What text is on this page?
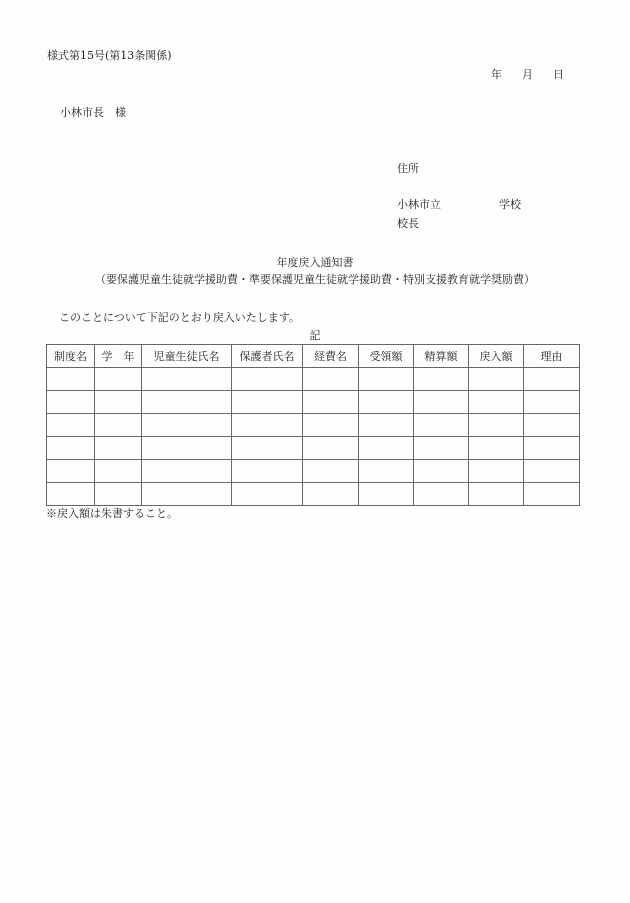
様式第15号(第13条関係)
年 月 日
小林市長　様
住所
小林市立	学校
校長
年度戻入通知書
（要保護児童生徒就学援助費・準要保護児童生徒就学援助費・特別支援教育就学奨励費）
このことについて下記のとおり戻入いたします。
記
制度名	学　年	児童生徒氏名	保護者氏名	経費名	受領額	精算額	戻入額	理由

※戻入額は朱書すること。
